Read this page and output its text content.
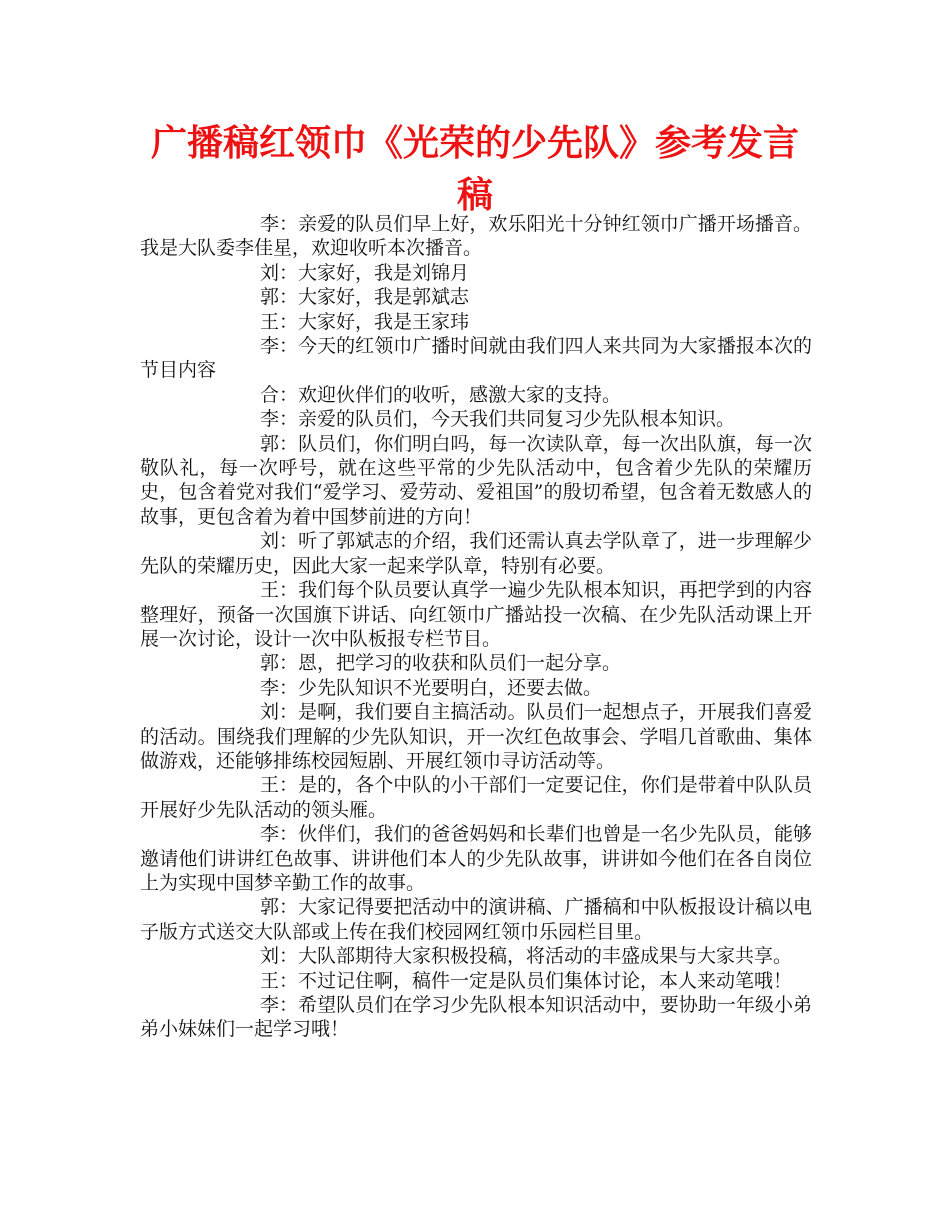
广播稿红领巾《光荣的少先队》参考发言稿

李：亲爱的队员们早上好，欢乐阳光十分钟红领巾广播开场播音。我是大队委李佳星，欢迎收听本次播音。

刘：大家好，我是刘锦月

郭：大家好，我是郭斌志

王：大家好，我是王家玮

李：今天的红领巾广播时间就由我们四人来共同为大家播报本次的节目内容

合：欢迎伙伴们的收听，感激大家的支持。

李：亲爱的队员们，今天我们共同复习少先队根本知识。

郭：队员们，你们明白吗，每一次读队章，每一次出队旗，每一次敬队礼，每一次呼号，就在这些平常的少先队活动中，包含着少先队的荣耀历史，包含着党对我们“爱学习、爱劳动、爱祖国”的殷切希望，包含着无数感人的故事，更包含着为着中国梦前进的方向！

刘：听了郭斌志的介绍，我们还需认真去学队章了，进一步理解少先队的荣耀历史，因此大家一起来学队章，特别有必要。

王：我们每个队员要认真学一遍少先队根本知识，再把学到的内容整理好，预备一次国旗下讲话、向红领巾广播站投一次稿、在少先队活动课上开展一次讨论，设计一次中队板报专栏节目。

郭：恩，把学习的收获和队员们一起分享。

李：少先队知识不光要明白，还要去做。

刘：是啊，我们要自主搞活动。队员们一起想点子，开展我们喜爱的活动。围绕我们理解的少先队知识，开一次红色故事会、学唱几首歌曲、集体做游戏，还能够排练校园短剧、开展红领巾寻访活动等。

王：是的，各个中队的小干部们一定要记住，你们是带着中队队员开展好少先队活动的领头雁。

李：伙伴们，我们的爸爸妈妈和长辈们也曾是一名少先队员，能够邀请他们讲讲红色故事、讲讲他们本人的少先队故事，讲讲如今他们在各自岗位上为实现中国梦辛勤工作的故事。

郭：大家记得要把活动中的演讲稿、广播稿和中队板报设计稿以电子版方式送交大队部或上传在我们校园网红领巾乐园栏目里。

刘：大队部期待大家积极投稿，将活动的丰盛成果与大家共享。

王：不过记住啊，稿件一定是队员们集体讨论，本人来动笔哦！

李：希望队员们在学习少先队根本知识活动中，要协助一年级小弟弟小妹妹们一起学习哦！
